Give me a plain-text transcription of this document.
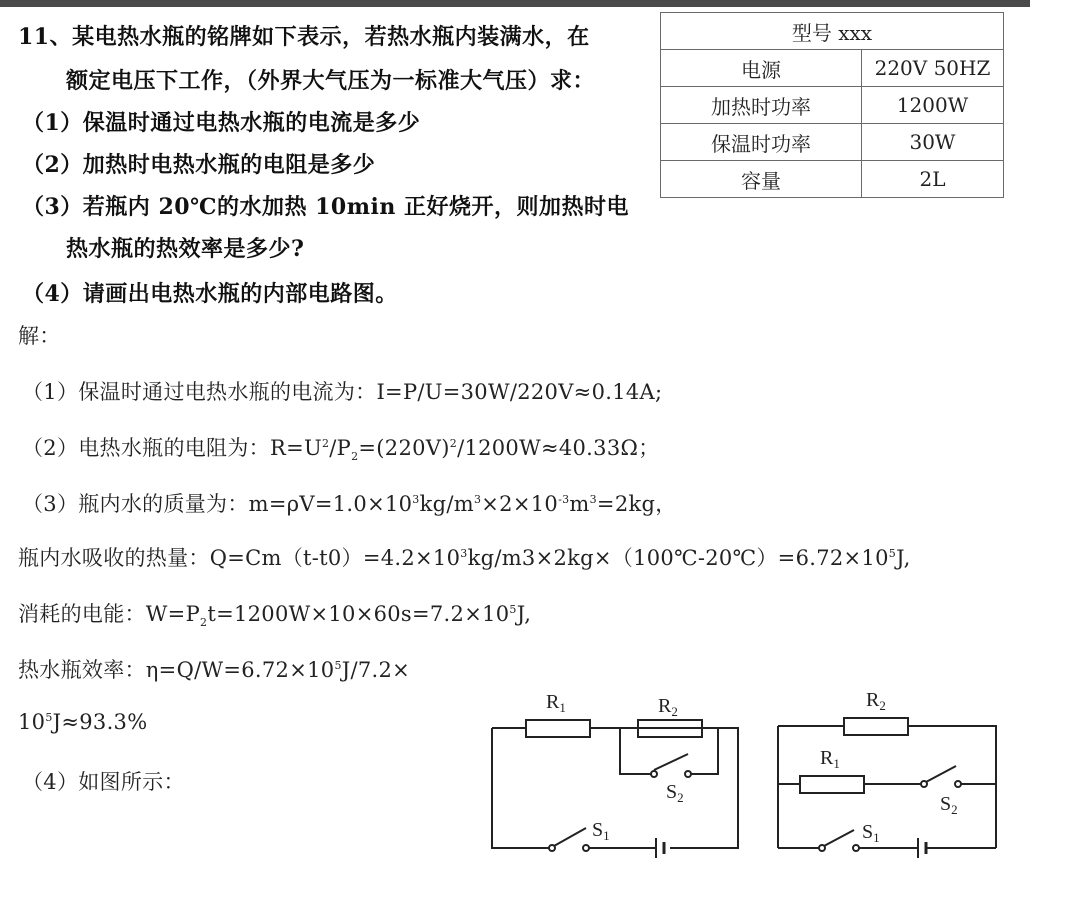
11、某电热水瓶的铭牌如下表示，若热水瓶内装满水，在
额定电压下工作，（外界大气压为一标准大气压）求：
（1）保温时通过电热水瓶的电流是多少
（2）加热时电热水瓶的电阻是多少
（3）若瓶内 20℃的水加热 10min 正好烧开，则加热时电
热水瓶的热效率是多少?
（4）请画出电热水瓶的内部电路图。
型号 xxx	
电源	220V 50HZ
加热时功率	1200W
保温时功率	30W
容量	2L
解：
（1）保温时通过电热水瓶的电流为：I=P/U=30W/220V≈0.14A;
（2）电热水瓶的电阻为：$R=U^2/P_2=(220V)^2/1200W\approx 40.33\Omega$；
（3）瓶内水的质量为：$m=\rho V=1.0\times 10^3kg/m^3\times 2\times 10^{-3}m^3=2kg$，
瓶内水吸收的热量：$Q=Cm(t-t0)=4.2\times 10^3kg/m3\times 2kg\times(100℃-20℃)=6.72\times 10^5J$,
消耗的电能：$W=P_2t=1200W\times 10\times 60s=7.2\times 10^5J$,
热水瓶效率：$\eta=Q/W=6.72\times 10^5J/7.2\times$
$10^5J\approx 93.3\%$
（4）如图所示：
$R_1$	$R_2$
$S_2$
$S_1$
$R_2$
$R_1$
$S_2$
$S_1$
